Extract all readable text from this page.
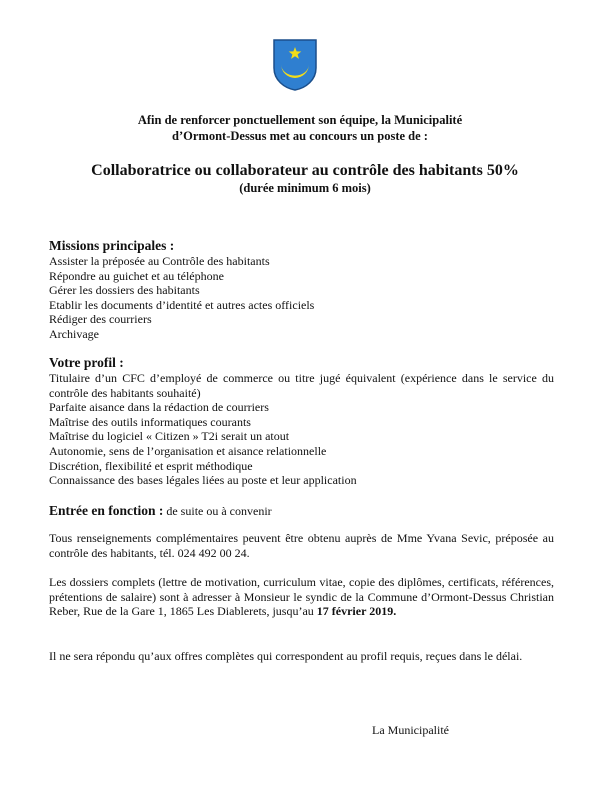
Afin de renforcer ponctuellement son équipe, la Municipalité
d’Ormont-Dessus met au concours un poste de :
Collaboratrice ou collaborateur au contrôle des habitants 50%
(durée minimum 6 mois)
Missions principales :
Assister la préposée au Contrôle des habitants
Répondre au guichet et au téléphone
Gérer les dossiers des habitants
Etablir les documents d’identité et autres actes officiels
Rédiger des courriers
Archivage
Votre profil :
Titulaire d’un CFC d’employé de commerce ou titre jugé équivalent (expérience dans le service du contrôle des habitants souhaité)
Parfaite aisance dans la rédaction de courriers
Maîtrise des outils informatiques courants
Maîtrise du logiciel « Citizen » T2i serait un atout
Autonomie, sens de l’organisation et aisance relationnelle
Discrétion, flexibilité et esprit méthodique
Connaissance des bases légales liées au poste et leur application
Entrée en fonction : de suite ou à convenir
Tous renseignements complémentaires peuvent être obtenu auprès de Mme Yvana Sevic, préposée au contrôle des habitants, tél. 024 492 00 24.
Les dossiers complets (lettre de motivation, curriculum vitae, copie des diplômes, certificats, références, prétentions de salaire) sont à adresser à Monsieur le syndic de la Commune d’Ormont-Dessus Christian Reber, Rue de la Gare 1, 1865 Les Diablerets, jusqu’au 17 février 2019.
Il ne sera répondu qu’aux offres complètes qui correspondent au profil requis, reçues dans le délai.
La Municipalité
